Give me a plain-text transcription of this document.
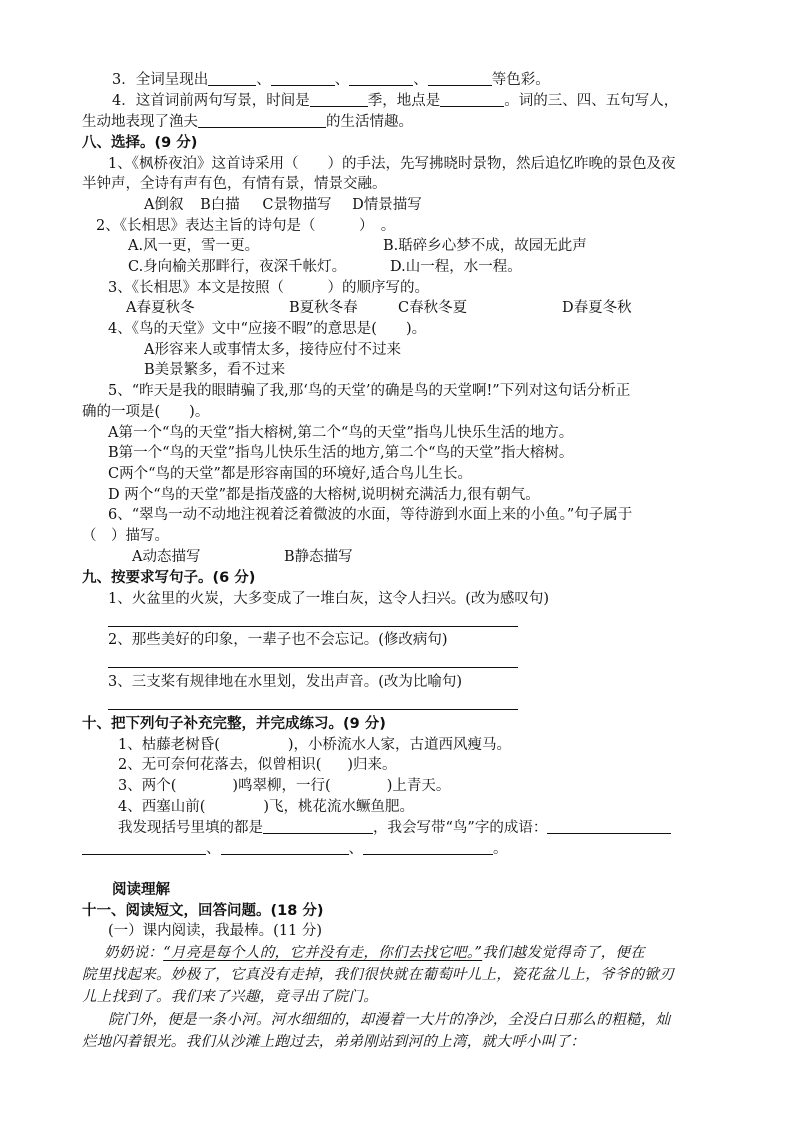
3．全词呈现出	、	、	、	等色彩。
4．这首词前两句写景，时间是	季，地点是	。词的三、四、五句写人，
生动地表现了渔夫	的生活情趣。
八、选择。(9 分)
1、《枫桥夜泊》这首诗采用（　　）的手法，先写拂晓时景物，然后追忆昨晚的景色及夜
半钟声，全诗有声有色，有情有景，情景交融。
A倒叙 B白描 C景物描写 D情景描写
2、《长相思》表达主旨的诗句是（　　　）　。
A.风一更，雪一更。	B.聒碎乡心梦不成，故园无此声
C.身向榆关那畔行，夜深千帐灯。	D.山一程，水一程。
3、《长相思》本文是按照（　　　）的顺序写的。
A春夏秋冬	B夏秋冬春	C春秋冬夏	D春夏冬秋
4、《鸟的天堂》文中“应接不暇”的意思是(　　)。
A形容来人或事情太多，接待应付不过来
B美景繁多，看不过来
5、“昨天是我的眼睛骗了我,那‘鸟的天堂’的确是鸟的天堂啊!”下列对这句话分析正
确的一项是(　　)。
A第一个“鸟的天堂”指大榕树,第二个“鸟的天堂”指鸟儿快乐生活的地方。
B第一个“鸟的天堂”指鸟儿快乐生活的地方,第二个“鸟的天堂”指大榕树。
C两个“鸟的天堂”都是形容南国的环境好,适合鸟儿生长。
D 两个“鸟的天堂”都是指茂盛的大榕树,说明树充满活力,很有朝气。
6、“翠鸟一动不动地注视着泛着微波的水面，等待游到水面上来的小鱼。”句子属于
（　）描写。
A动态描写	B静态描写
九、按要求写句子。(6 分)
1、火盆里的火炭，大多变成了一堆白灰，这令人扫兴。(改为感叹句)
2、那些美好的印象，一辈子也不会忘记。(修改病句)
3、三支桨有规律地在水里划，发出声音。(改为比喻句)
十、把下列句子补充完整，并完成练习。(9 分)
1、枯藤老树昏(	)，小桥流水人家，古道西风瘦马。
2、无可奈何花落去，似曾相识( )归来。
3、两个(	)鸣翠柳，一行(	)上青天。
4、西塞山前(	)飞，桃花流水鳜鱼肥。
我发现括号里填的都是	，我会写带“鸟”字的成语：
、	、	。
阅读理解
十一、阅读短文，回答问题。(18 分)
(一）课内阅读，我最棒。(11 分)
奶奶说：“月亮是每个人的，它并没有走，你们去找它吧。”我们越发觉得奇了，便在
院里找起来。妙极了，它真没有走掉，我们很快就在葡萄叶儿上，瓷花盆儿上，爷爷的锨刃
儿上找到了。我们来了兴趣，竟寻出了院门。
院门外，便是一条小河。河水细细的，却漫着一大片的净沙，全没白日那么的粗糙，灿
烂地闪着银光。我们从沙滩上跑过去，弟弟刚站到河的上湾，就大呼小叫了：
